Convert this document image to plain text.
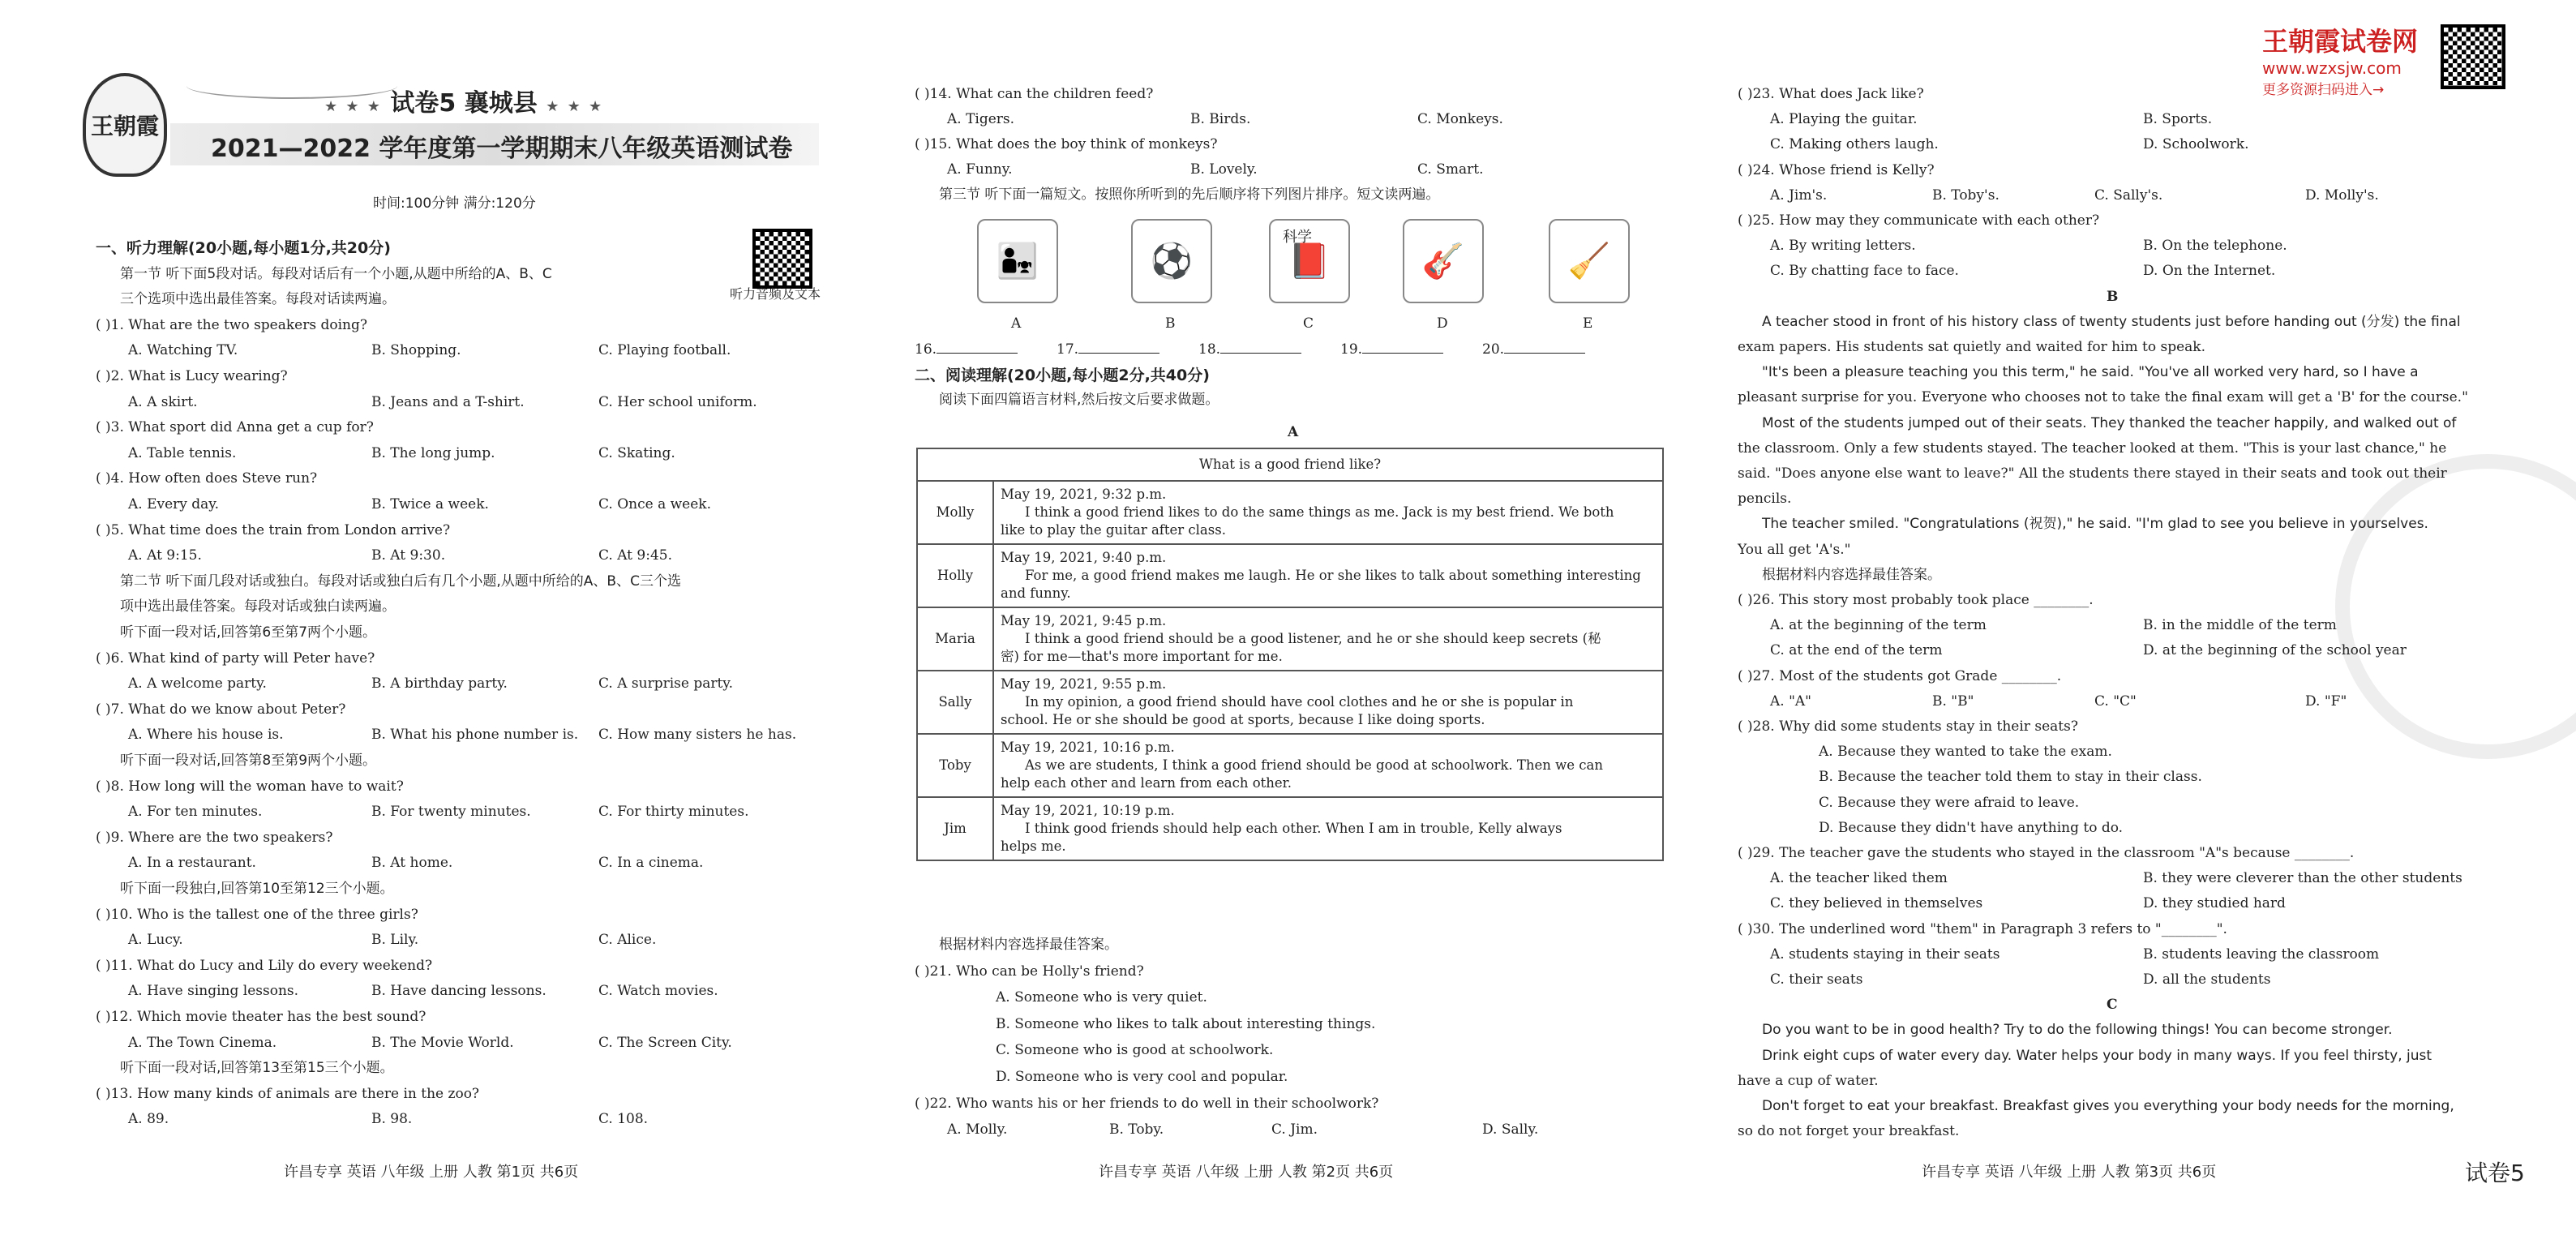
王朝霞
★ ★ ★ 试卷5 襄城县 ★ ★ ★
2021—2022 学年度第一学期期末八年级英语测试卷
时间:100分钟 满分:120分
听力音频及文本
王朝霞试卷网
www.wzxsjw.com
更多资源扫码进入→
A
What is a good friend like?	
Molly	May 19, 2021, 9:32 p.m.
I think a good friend likes to do the same things as me. Jack is my best friend. We both
like to play the guitar after class.

Holly	May 19, 2021, 9:40 p.m.
For me, a good friend makes me laugh. He or she likes to talk about something interesting
and funny.

Maria	May 19, 2021, 9:45 p.m.
I think a good friend should be a good listener, and he or she should keep secrets (秘
密) for me—that's more important for me.

Sally	May 19, 2021, 9:55 p.m.
In my opinion, a good friend should have cool clothes and he or she is popular in
school. He or she should be good at sports, because I like doing sports.

Toby	May 19, 2021, 10:16 p.m.
As we are students, I think a good friend should be good at schoolwork. Then we can
help each other and learn from each other.

Jim	May 19, 2021, 10:19 p.m.
I think good friends should help each other. When I am in trouble, Kelly always
helps me.
许昌专享 英语 八年级 上册 人教 第1页 共6页	许昌专享 英语 八年级 上册 人教 第2页 共6页	许昌专享 英语 八年级 上册 人教 第3页 共6页	试卷5
一、听力理解(20小题,每小题1分,共20分)
第一节 听下面5段对话。每段对话后有一个小题,从题中所给的A、B、C
三个选项中选出最佳答案。每段对话读两遍。
( )1. What are the two speakers doing?
A. Watching TV.	B. Shopping.	C. Playing football.
( )2. What is Lucy wearing?
A. A skirt.	B. Jeans and a T-shirt.	C. Her school uniform.
( )3. What sport did Anna get a cup for?
A. Table tennis.	B. The long jump.	C. Skating.
( )4. How often does Steve run?
A. Every day.	B. Twice a week.	C. Once a week.
( )5. What time does the train from London arrive?
A. At 9:15.	B. At 9:30.	C. At 9:45.
第二节 听下面几段对话或独白。每段对话或独白后有几个小题,从题中所给的A、B、C三个选
项中选出最佳答案。每段对话或独白读两遍。
听下面一段对话,回答第6至第7两个小题。
( )6. What kind of party will Peter have?
A. A welcome party.	B. A birthday party.	C. A surprise party.
( )7. What do we know about Peter?
A. Where his house is.	B. What his phone number is. C. How many sisters he has.
听下面一段对话,回答第8至第9两个小题。
( )8. How long will the woman have to wait?
A. For ten minutes.	B. For twenty minutes.	C. For thirty minutes.
( )9. Where are the two speakers?
A. In a restaurant.	B. At home.	C. In a cinema.
听下面一段独白,回答第10至第12三个小题。
( )10. Who is the tallest one of the three girls?
A. Lucy.	B. Lily.	C. Alice.
( )11. What do Lucy and Lily do every weekend?
A. Have singing lessons.	B. Have dancing lessons.	C. Watch movies.
( )12. Which movie theater has the best sound?
A. The Town Cinema.	B. The Movie World.	C. The Screen City.
听下面一段对话,回答第13至第15三个小题。
( )13. How many kinds of animals are there in the zoo?
A. 89.	B. 98.	C. 108.
( )14. What can the children feed?
A. Tigers.	B. Birds.	C. Monkeys.
( )15. What does the boy think of monkeys?
A. Funny.	B. Lovely.	C. Smart.
第三节 听下面一篇短文。按照你所听到的先后顺序将下列图片排序。短文读两遍。
二、阅读理解(20小题,每小题2分,共40分)
阅读下面四篇语言材料,然后按文后要求做题。
根据材料内容选择最佳答案。
( )21. Who can be Holly's friend?
A. Someone who is very quiet.
B. Someone who likes to talk about interesting things.
C. Someone who is good at schoolwork.
D. Someone who is very cool and popular.
( )22. Who wants his or her friends to do well in their schoolwork?
A. Molly.	B. Toby.	C. Jim.	D. Sally.
( )23. What does Jack like?
A. Playing the guitar.	B. Sports.
C. Making others laugh.	D. Schoolwork.
( )24. Whose friend is Kelly?
A. Jim's.	B. Toby's.	C. Sally's.	D. Molly's.
( )25. How may they communicate with each other?
A. By writing letters.	B. On the telephone.
C. By chatting face to face.	D. On the Internet.
B
A teacher stood in front of his history class of twenty students just before handing out (分发) the final
exam papers. His students sat quietly and waited for him to speak.
"It's been a pleasure teaching you this term," he said. "You've all worked very hard, so I have a
pleasant surprise for you. Everyone who chooses not to take the final exam will get a 'B' for the course."
Most of the students jumped out of their seats. They thanked the teacher happily, and walked out of
the classroom. Only a few students stayed. The teacher looked at them. "This is your last chance," he
said. "Does anyone else want to leave?" All the students there stayed in their seats and took out their
pencils.
The teacher smiled. "Congratulations (祝贺)," he said. "I'm glad to see you believe in yourselves.
You all get 'A's."
根据材料内容选择最佳答案。
( )26. This story most probably took place ________.
A. at the beginning of the term	B. in the middle of the term
C. at the end of the term	D. at the beginning of the school year
( )27. Most of the students got Grade ________.
A. "A"	B. "B"	C. "C"	D. "F"
( )28. Why did some students stay in their seats?
A. Because they wanted to take the exam.
B. Because the teacher told them to stay in their class.
C. Because they were afraid to leave.
D. Because they didn't have anything to do.
( )29. The teacher gave the students who stayed in the classroom "A"s because ________.
A. the teacher liked them	B. they were cleverer than the other students
C. they believed in themselves	D. they studied hard
( )30. The underlined word "them" in Paragraph 3 refers to "________".
A. students staying in their seats	B. students leaving the classroom
C. their seats	D. all the students
C
Do you want to be in good health? Try to do the following things! You can become stronger.
Drink eight cups of water every day. Water helps your body in many ways. If you feel thirsty, just
have a cup of water.
Don't forget to eat your breakfast. Breakfast gives you everything your body needs for the morning,
so do not forget your breakfast.
👨‍👧
A
⚽
B
📕
C
🎸
D
🧹
E
科学
16.	17.	18.	19.	20.
